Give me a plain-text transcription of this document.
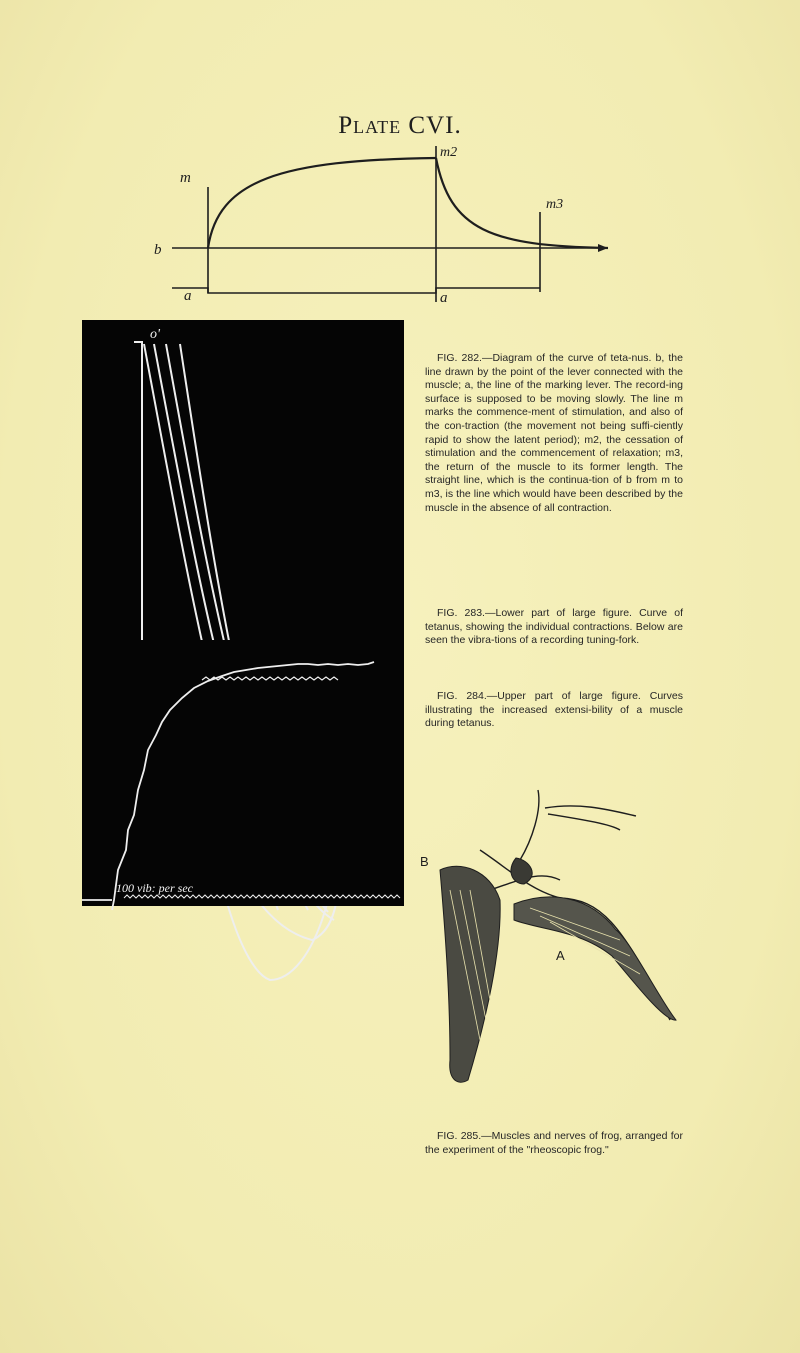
Plate CVI.
m
b
a
m2
m3
a
o'
100 vib: per sec
FIG. 282.—Diagram of the curve of teta-nus. b, the line drawn by the point of the lever connected with the muscle; a, the line of the marking lever. The record-ing surface is supposed to be moving slowly. The line m marks the commence-ment of stimulation, and also of the con-traction (the movement not being suffi-ciently rapid to show the latent period); m2, the cessation of stimulation and the commencement of relaxation; m3, the return of the muscle to its former length. The straight line, which is the continua-tion of b from m to m3, is the line which would have been described by the muscle in the absence of all contraction.
FIG. 283.—Lower part of large figure. Curve of tetanus, showing the individual contractions. Below are seen the vibra-tions of a recording tuning-fork.
FIG. 284.—Upper part of large figure. Curves illustrating the increased extensi-bility of a muscle during tetanus.
B
A
FIG. 285.—Muscles and nerves of frog, arranged for the experiment of the "rheoscopic frog."
